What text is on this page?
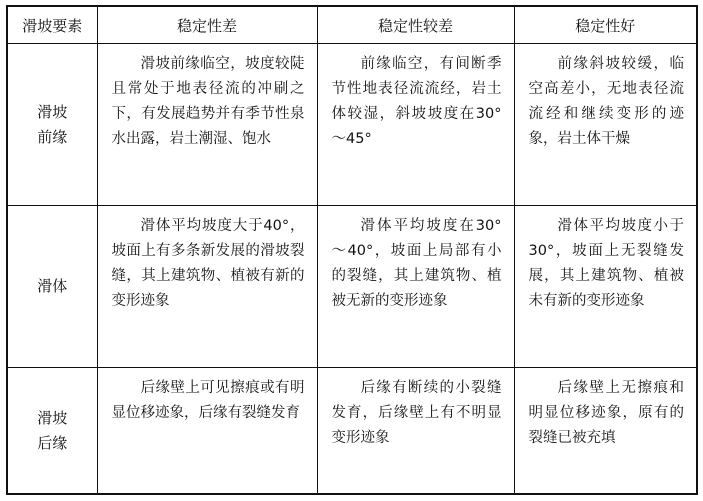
滑坡要素	稳定性差	稳定性较差	稳定性好
滑坡
前缘	滑坡前缘临空，坡度较陡且常处于地表径流的冲刷之下，有发展趋势并有季节性泉水出露，岩土潮湿、饱水	前缘临空，有间断季节性地表径流流经，岩土体较湿，斜坡坡度在30°～45°	前缘斜坡较缓，临空高差小，无地表径流流经和继续变形的迹象，岩土体干燥
滑体	滑体平均坡度大于40°，坡面上有多条新发展的滑坡裂缝，其上建筑物、植被有新的变形迹象	滑体平均坡度在30°～40°，坡面上局部有小的裂缝，其上建筑物、植被无新的变形迹象	滑体平均坡度小于30°，坡面上无裂缝发展，其上建筑物、植被未有新的变形迹象
滑坡
后缘	后缘壁上可见擦痕或有明显位移迹象，后缘有裂缝发育	后缘有断续的小裂缝发育，后缘壁上有不明显变形迹象	后缘壁上无擦痕和明显位移迹象，原有的裂缝已被充填
